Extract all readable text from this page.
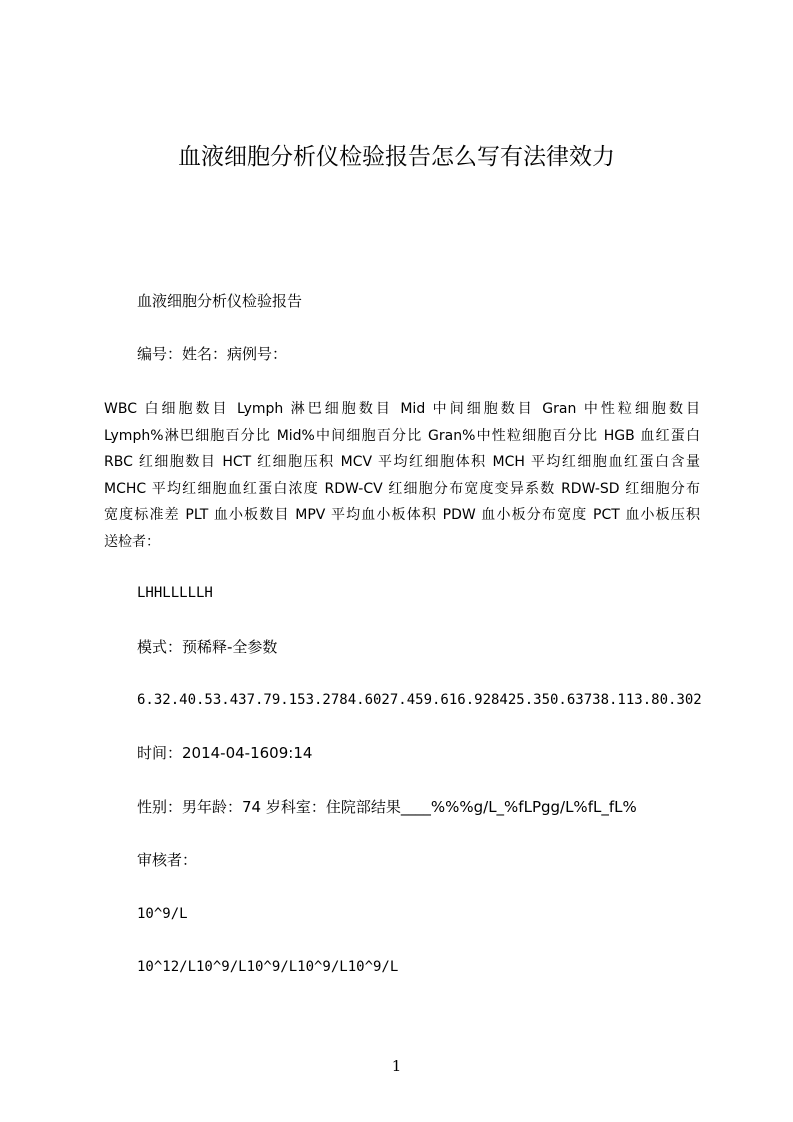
血液细胞分析仪检验报告怎么写有法律效力
血液细胞分析仪检验报告
编号：姓名：病例号：
WBC 白细胞数目 Lymph 淋巴细胞数目 Mid 中间细胞数目 Gran 中性粒细胞数目
Lymph%淋巴细胞百分比 Mid%中间细胞百分比 Gran%中性粒细胞百分比 HGB 血红蛋白
RBC 红细胞数目 HCT 红细胞压积 MCV 平均红细胞体积 MCH 平均红细胞血红蛋白含量
MCHC 平均红细胞血红蛋白浓度 RDW-CV 红细胞分布宽度变异系数 RDW-SD 红细胞分布
宽度标准差 PLT 血小板数目 MPV 平均血小板体积 PDW 血小板分布宽度 PCT 血小板压积
送检者：
LHHLLLLLH
模式：预稀释-全参数
6.32.40.53.437.79.153.2784.6027.459.616.928425.350.63738.113.80.302
时间：2014-04-1609:14
性别：男年龄：74 岁科室：住院部结果____%%%g/L_%fLPgg/L%fL_fL%
审核者：
10^9/L
10^12/L10^9/L10^9/L10^9/L10^9/L
1
